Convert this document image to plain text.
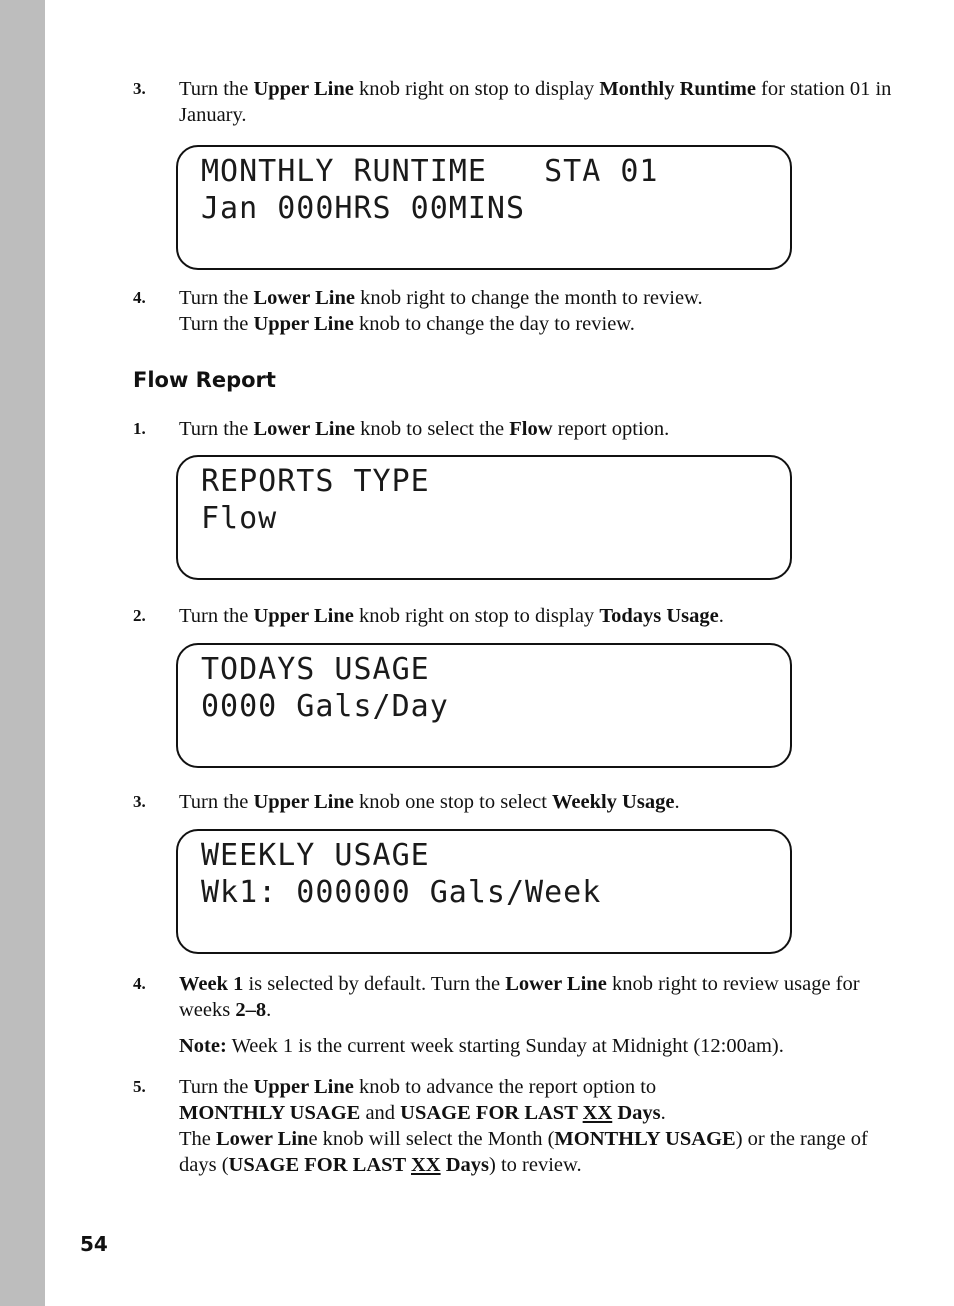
3. Turn the Upper Line knob right on stop to display Monthly Runtime for station 01 in January.

MONTHLY RUNTIME   STA 01
Jan 000HRS 00MINS
4. Turn the Lower Line knob right to change the month to review.

Turn the Upper Line knob to change the day to review.

Flow Report
1. Turn the Lower Line knob to select the Flow report option.

REPORTS TYPE
Flow
2. Turn the Upper Line knob right on stop to display Todays Usage.

TODAYS USAGE
0000 Gals/Day
3. Turn the Upper Line knob one stop to select Weekly Usage.

WEEKLY USAGE
Wk1: 000000 Gals/Week
4. Week 1 is selected by default. Turn the Lower Line knob right to review usage for weeks 2–8.

Note: Week 1 is the current week starting Sunday at Midnight (12:00am).

5. Turn the Upper Line knob to advance the report option to
MONTHLY USAGE and USAGE FOR LAST XX Days.

The Lower Line knob will select the Month (MONTHLY USAGE) or the range of days (USAGE FOR LAST XX Days) to review.

54
